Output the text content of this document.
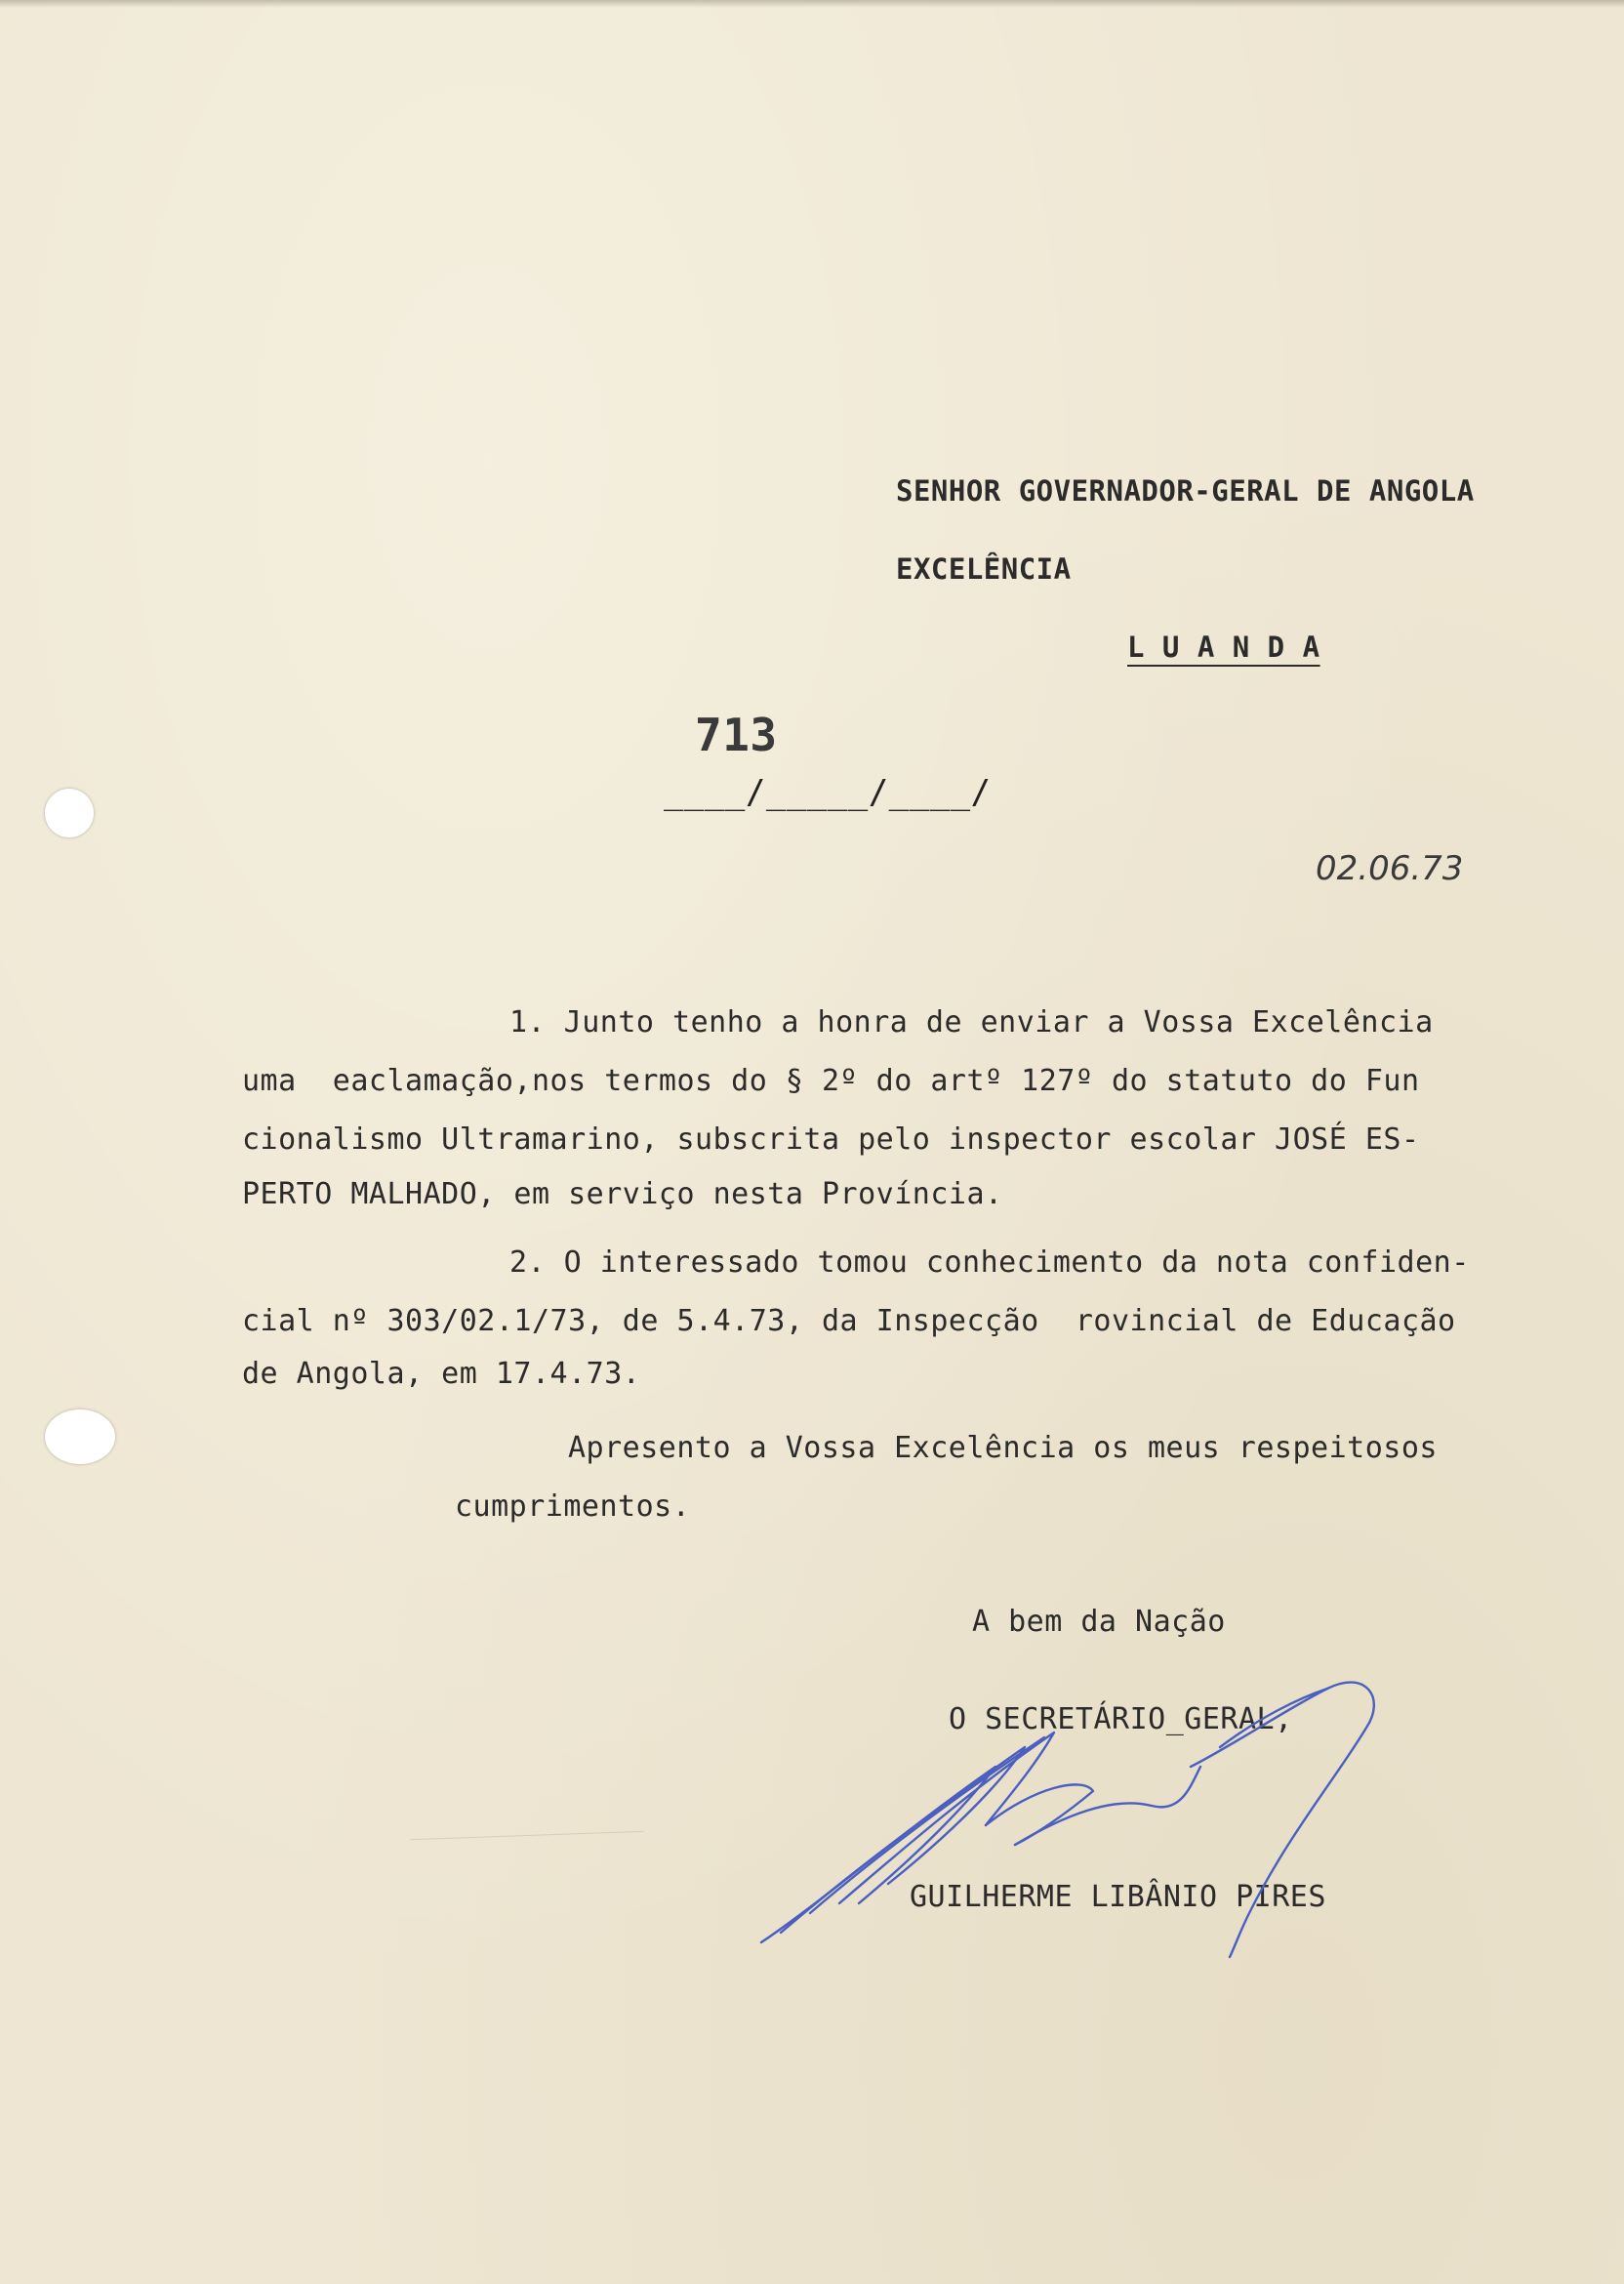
SENHOR GOVERNADOR-GERAL DE ANGOLA
EXCELÊNCIA
L U A N D A
713
____/_____/____/
02.06.73
1. Junto tenho a honra de enviar a Vossa Excelência
uma  eaclamação,nos termos do § 2º do artº 127º do statuto do Fun
cionalismo Ultramarino, subscrita pelo inspector escolar JOSÉ ES-
PERTO MALHADO, em serviço nesta Província.
2. O interessado tomou conhecimento da nota confiden-
cial nº 303/02.1/73, de 5.4.73, da Inspecção  rovincial de Educação
de Angola, em 17.4.73.
Apresento a Vossa Excelência os meus respeitosos
cumprimentos.
A bem da Nação
O SECRETÁRIO_GERAL,
GUILHERME LIBÂNIO PIRES
